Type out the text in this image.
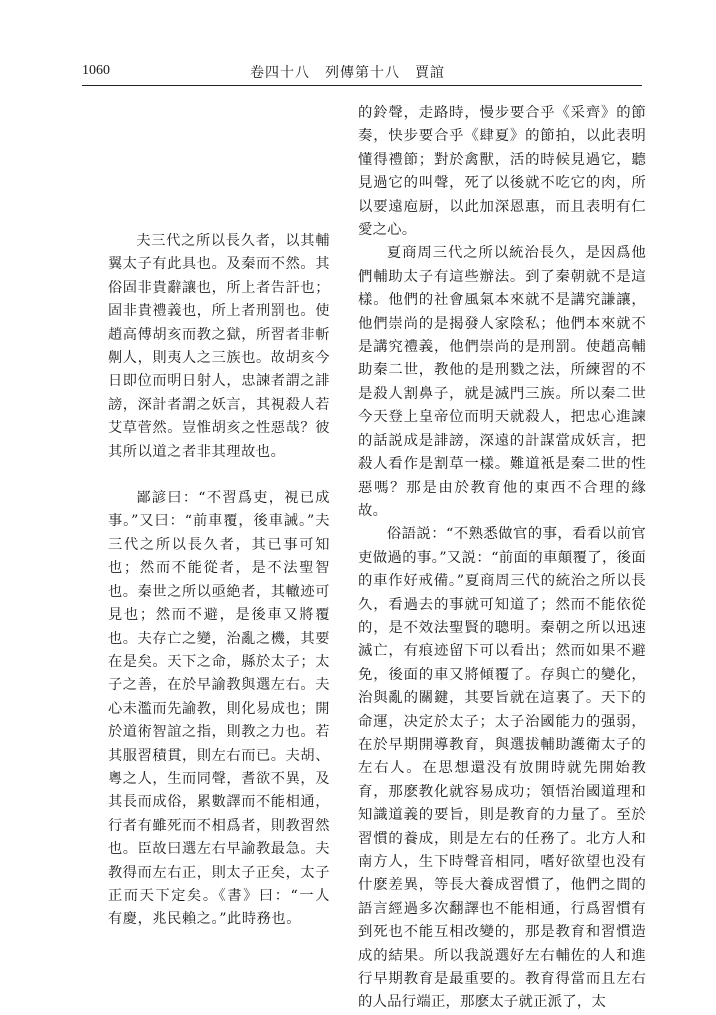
1060	卷四十八　列傳第十八　賈誼

夫三代之所以長久者，以其輔翼太子有此具也。及秦而不然。其俗固非貴辭讓也，所上者告訐也；固非貴禮義也，所上者刑罰也。使趙高傅胡亥而教之獄，所習者非斬劓人，則夷人之三族也。故胡亥今日即位而明日射人，忠諫者謂之誹謗，深計者謂之妖言，其視殺人若艾草菅然。豈惟胡亥之性惡哉？彼其所以道之者非其理故也。

鄙諺曰：“不習爲吏，視已成事。”又曰：“前車覆，後車誡。”夫三代之所以長久者，其已事可知也；然而不能從者，是不法聖智也。秦世之所以亟絶者，其轍迹可見也；然而不避，是後車又將覆也。夫存亡之變，治亂之機，其要在是矣。天下之命，縣於太子；太子之善，在於早諭教與選左右。夫心未濫而先諭教，則化易成也；開於道術智誼之指，則教之力也。若其服習積貫，則左右而已。夫胡、粵之人，生而同聲，耆欲不異，及其長而成俗，累數譯而不能相通，行者有雖死而不相爲者，則教習然也。臣故曰選左右早諭教最急。夫教得而左右正，則太子正矣，太子正而天下定矣。《書》曰：“一人有慶，兆民賴之。”此時務也。

的鈴聲，走路時，慢步要合乎《采齊》的節奏，快步要合乎《肆夏》的節拍，以此表明懂得禮節；對於禽獸，活的時候見過它，聽見過它的叫聲，死了以後就不吃它的肉，所以要遠庖厨，以此加深恩惠，而且表明有仁愛之心。

夏商周三代之所以統治長久，是因爲他們輔助太子有這些辦法。到了秦朝就不是這樣。他們的社會風氣本來就不是講究謙讓，他們崇尚的是揭發人家陰私；他們本來就不是講究禮義，他們崇尚的是刑罰。使趙高輔助秦二世，教他的是刑戮之法，所練習的不是殺人割鼻子，就是滅門三族。所以秦二世今天登上皇帝位而明天就殺人，把忠心進諫的話説成是誹謗，深遠的計謀當成妖言，把殺人看作是割草一樣。難道衹是秦二世的性惡嗎？那是由於教育他的東西不合理的緣故。

俗語説：“不熟悉做官的事，看看以前官吏做過的事。”又説：“前面的車顛覆了，後面的車作好戒備。”夏商周三代的統治之所以長久，看過去的事就可知道了；然而不能依從的，是不效法聖賢的聰明。秦朝之所以迅速滅亡，有痕迹留下可以看出；然而如果不避免，後面的車又將傾覆了。存與亡的變化，治與亂的關鍵，其要旨就在這裏了。天下的命運，决定於太子；太子治國能力的强弱，在於早期開導教育，與選拔輔助護衛太子的左右人。在思想還没有放開時就先開始教育，那麽教化就容易成功；領悟治國道理和知識道義的要旨，則是教育的力量了。至於習慣的養成，則是左右的任務了。北方人和南方人，生下時聲音相同，嗜好欲望也没有什麽差異，等長大養成習慣了，他們之間的語言經過多次翻譯也不能相通，行爲習慣有到死也不能互相改變的，那是教育和習慣造成的結果。所以我説選好左右輔佐的人和進行早期教育是最重要的。教育得當而且左右的人品行端正，那麽太子就正派了，太
